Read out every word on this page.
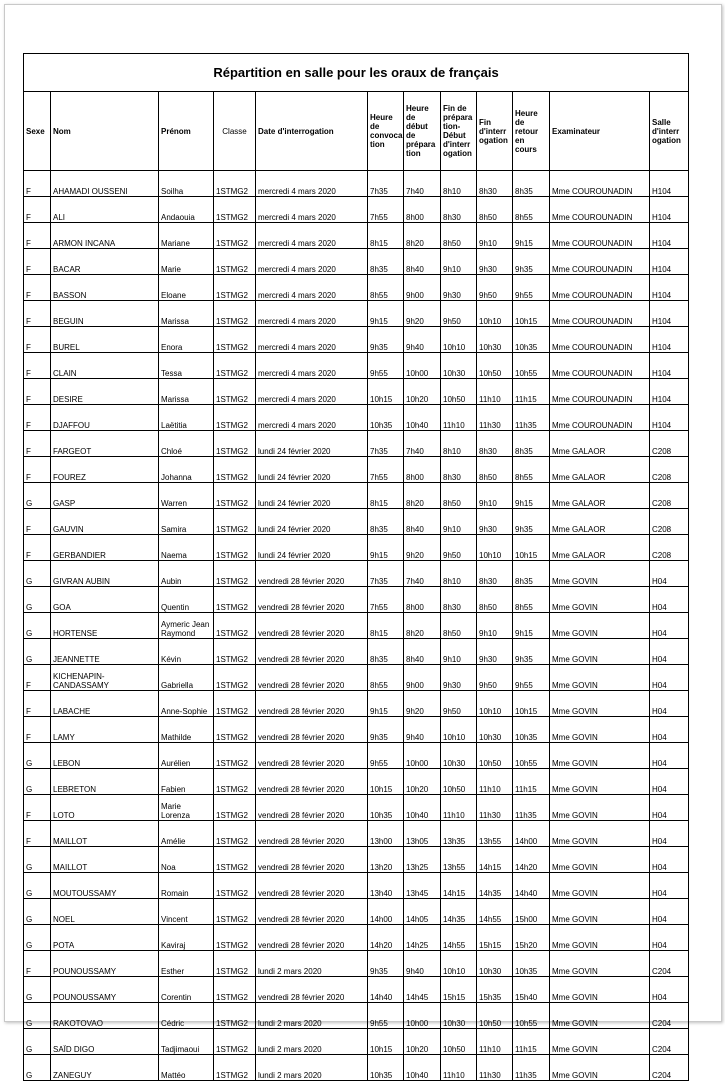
Répartition en salle pour les oraux de français											
Sexe	Nom	Prénom	Classe	Date d'interrogation	Heure de convoca tion	Heure de début de prépara tion	Fin de prépara tion- Début d'interr ogation	Fin d'interr ogation	Heure de retour en cours	Examinateur	Salle d'interr ogation
F	AHAMADI OUSSENI	Soilha	1STMG2	mercredi 4 mars 2020	7h35	7h40	8h10	8h30	8h35	Mme COUROUNADIN	H104
F	ALI	Andaouia	1STMG2	mercredi 4 mars 2020	7h55	8h00	8h30	8h50	8h55	Mme COUROUNADIN	H104
F	ARMON INCANA	Mariane	1STMG2	mercredi 4 mars 2020	8h15	8h20	8h50	9h10	9h15	Mme COUROUNADIN	H104
F	BACAR	Marie	1STMG2	mercredi 4 mars 2020	8h35	8h40	9h10	9h30	9h35	Mme COUROUNADIN	H104
F	BASSON	Eloane	1STMG2	mercredi 4 mars 2020	8h55	9h00	9h30	9h50	9h55	Mme COUROUNADIN	H104
F	BEGUIN	Marissa	1STMG2	mercredi 4 mars 2020	9h15	9h20	9h50	10h10	10h15	Mme COUROUNADIN	H104
F	BUREL	Enora	1STMG2	mercredi 4 mars 2020	9h35	9h40	10h10	10h30	10h35	Mme COUROUNADIN	H104
F	CLAIN	Tessa	1STMG2	mercredi 4 mars 2020	9h55	10h00	10h30	10h50	10h55	Mme COUROUNADIN	H104
F	DESIRE	Marissa	1STMG2	mercredi 4 mars 2020	10h15	10h20	10h50	11h10	11h15	Mme COUROUNADIN	H104
F	DJAFFOU	Laëtitia	1STMG2	mercredi 4 mars 2020	10h35	10h40	11h10	11h30	11h35	Mme COUROUNADIN	H104
F	FARGEOT	Chloé	1STMG2	lundi 24 février 2020	7h35	7h40	8h10	8h30	8h35	Mme GALAOR	C208
F	FOUREZ	Johanna	1STMG2	lundi 24 février 2020	7h55	8h00	8h30	8h50	8h55	Mme GALAOR	C208
G	GASP	Warren	1STMG2	lundi 24 février 2020	8h15	8h20	8h50	9h10	9h15	Mme GALAOR	C208
F	GAUVIN	Samira	1STMG2	lundi 24 février 2020	8h35	8h40	9h10	9h30	9h35	Mme GALAOR	C208
F	GERBANDIER	Naema	1STMG2	lundi 24 février 2020	9h15	9h20	9h50	10h10	10h15	Mme GALAOR	C208
G	GIVRAN AUBIN	Aubin	1STMG2	vendredi 28 février 2020	7h35	7h40	8h10	8h30	8h35	Mme GOVIN	H04
G	GOA	Quentin	1STMG2	vendredi 28 février 2020	7h55	8h00	8h30	8h50	8h55	Mme GOVIN	H04
G	HORTENSE	Aymeric Jean Raymond	1STMG2	vendredi 28 février 2020	8h15	8h20	8h50	9h10	9h15	Mme GOVIN	H04
G	JEANNETTE	Kévin	1STMG2	vendredi 28 février 2020	8h35	8h40	9h10	9h30	9h35	Mme GOVIN	H04
F	KICHENAPIN-CANDASSAMY	Gabriella	1STMG2	vendredi 28 février 2020	8h55	9h00	9h30	9h50	9h55	Mme GOVIN	H04
F	LABACHE	Anne-Sophie	1STMG2	vendredi 28 février 2020	9h15	9h20	9h50	10h10	10h15	Mme GOVIN	H04
F	LAMY	Mathilde	1STMG2	vendredi 28 février 2020	9h35	9h40	10h10	10h30	10h35	Mme GOVIN	H04
G	LEBON	Aurélien	1STMG2	vendredi 28 février 2020	9h55	10h00	10h30	10h50	10h55	Mme GOVIN	H04
G	LEBRETON	Fabien	1STMG2	vendredi 28 février 2020	10h15	10h20	10h50	11h10	11h15	Mme GOVIN	H04
F	LOTO	Marie Lorenza	1STMG2	vendredi 28 février 2020	10h35	10h40	11h10	11h30	11h35	Mme GOVIN	H04
F	MAILLOT	Amélie	1STMG2	vendredi 28 février 2020	13h00	13h05	13h35	13h55	14h00	Mme GOVIN	H04
G	MAILLOT	Noa	1STMG2	vendredi 28 février 2020	13h20	13h25	13h55	14h15	14h20	Mme GOVIN	H04
G	MOUTOUSSAMY	Romain	1STMG2	vendredi 28 février 2020	13h40	13h45	14h15	14h35	14h40	Mme GOVIN	H04
G	NOEL	Vincent	1STMG2	vendredi 28 février 2020	14h00	14h05	14h35	14h55	15h00	Mme GOVIN	H04
G	POTA	Kaviraj	1STMG2	vendredi 28 février 2020	14h20	14h25	14h55	15h15	15h20	Mme GOVIN	H04
F	POUNOUSSAMY	Esther	1STMG2	lundi 2 mars 2020	9h35	9h40	10h10	10h30	10h35	Mme GOVIN	C204
G	POUNOUSSAMY	Corentin	1STMG2	vendredi 28 février 2020	14h40	14h45	15h15	15h35	15h40	Mme GOVIN	H04
G	RAKOTOVAO	Cédric	1STMG2	lundi 2 mars 2020	9h55	10h00	10h30	10h50	10h55	Mme GOVIN	C204
G	SAÏD DIGO	Tadjimaoui	1STMG2	lundi 2 mars 2020	10h15	10h20	10h50	11h10	11h15	Mme GOVIN	C204
G	ZANEGUY	Mattéo	1STMG2	lundi 2 mars 2020	10h35	10h40	11h10	11h30	11h35	Mme GOVIN	C204
